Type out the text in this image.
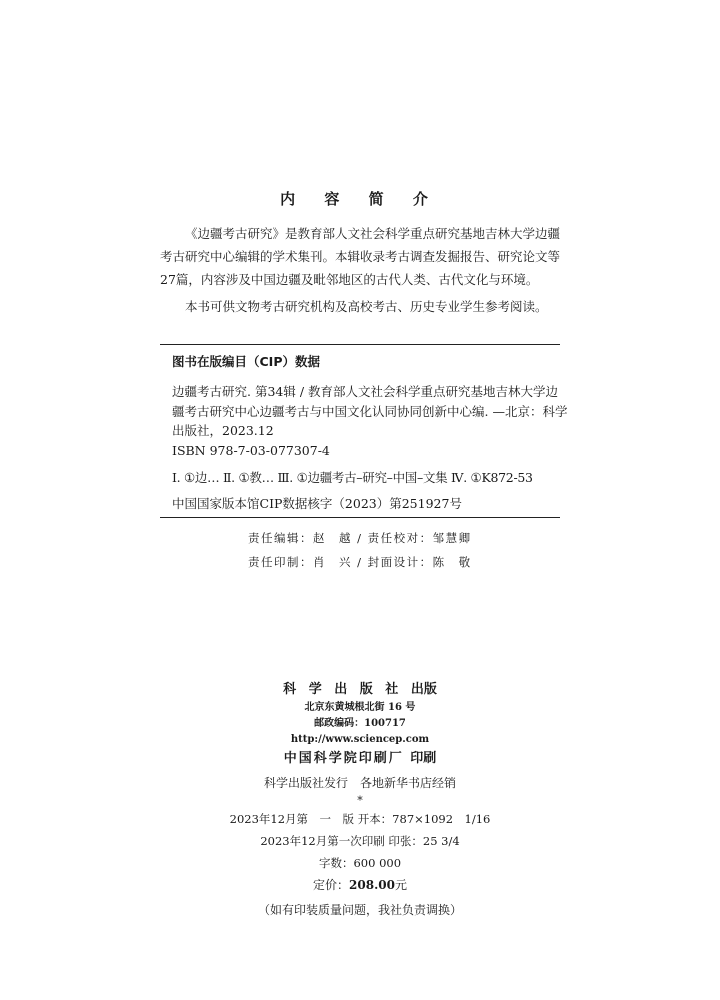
内 容 简 介

《边疆考古研究》是教育部人文社会科学重点研究基地吉林大学边疆

考古研究中心编辑的学术集刊。本辑收录考古调查发掘报告、研究论文等

27篇，内容涉及中国边疆及毗邻地区的古代人类、古代文化与环境。

本书可供文物考古研究机构及高校考古、历史专业学生参考阅读。

图书在版编目（CIP）数据

边疆考古研究. 第34辑 / 教育部人文社会科学重点研究基地吉林大学边

疆考古研究中心边疆考古与中国文化认同协同创新中心编. —北京：科学

出版社，2023.12

ISBN 978-7-03-077307-4

Ⅰ. ①边… Ⅱ. ①教… Ⅲ. ①边疆考古–研究–中国–文集 Ⅳ. ①K872-53

中国国家版本馆CIP数据核字（2023）第251927号

责任编辑：赵　越 / 责任校对：邹慧卿
责任印制：肖　兴 / 封面设计：陈　敬
科 学 出 版 社 出版
北京东黄城根北街 16 号
邮政编码：100717
http://www.sciencep.com
中国科学院印刷厂 印刷
科学出版社发行　各地新华书店经销
*
2023年12月第　一　版 开本：787×1092　1/16
2023年12月第一次印刷 印张：25 3/4
字数：600 000
定价：208.00元
（如有印装质量问题，我社负责调换）
